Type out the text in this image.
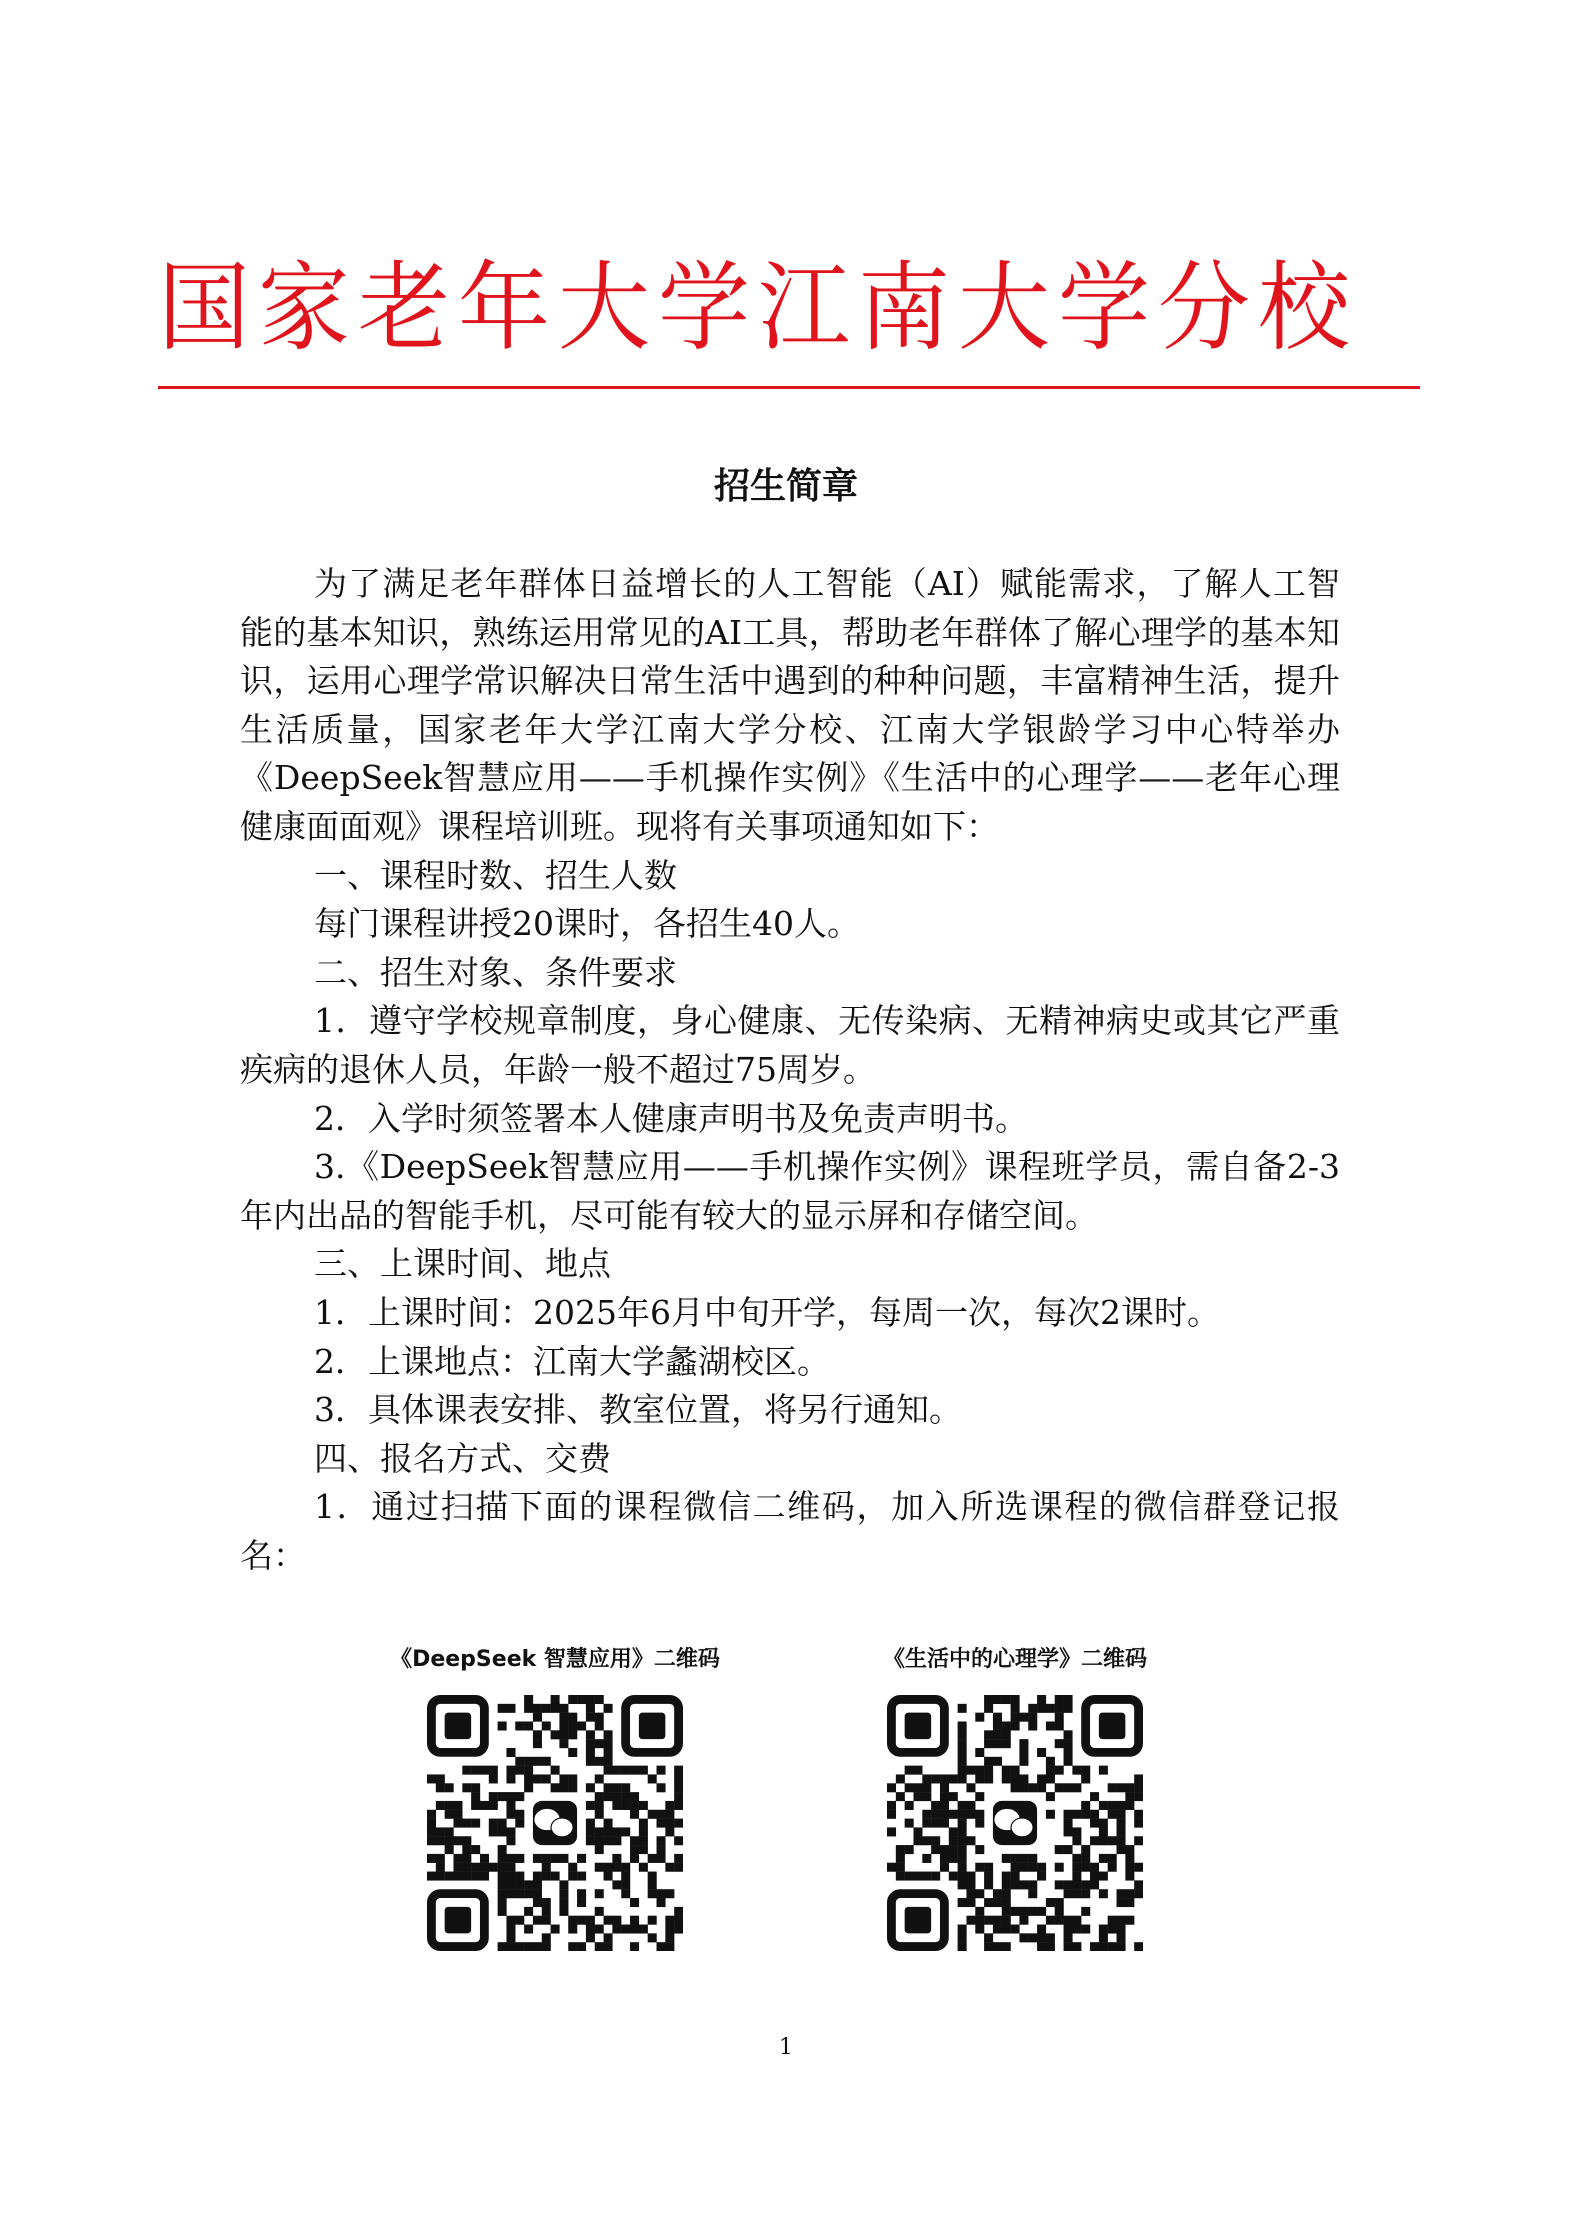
国家老年大学江南大学分校
招生简章

为了满足老年群体日益增长的人工智能（AI）赋能需求，了解人工智能的基本知识，熟练运用常见的AI工具，帮助老年群体了解心理学的基本知识，运用心理学常识解决日常生活中遇到的种种问题，丰富精神生活，提升生活质量，国家老年大学江南大学分校、江南大学银龄学习中心特举办《DeepSeek智慧应用——手机操作实例》《生活中的心理学——老年心理健康面面观》课程培训班。现将有关事项通知如下：

一、课程时数、招生人数

每门课程讲授20课时，各招生40人。

二、招生对象、条件要求

1．遵守学校规章制度，身心健康、无传染病、无精神病史或其它严重疾病的退休人员，年龄一般不超过75周岁。

2．入学时须签署本人健康声明书及免责声明书。

3.《DeepSeek智慧应用——手机操作实例》课程班学员，需自备2-3年内出品的智能手机，尽可能有较大的显示屏和存储空间。

三、上课时间、地点

1．上课时间：2025年6月中旬开学，每周一次，每次2课时。

2．上课地点：江南大学蠡湖校区。

3．具体课表安排、教室位置，将另行通知。

四、报名方式、交费

1．通过扫描下面的课程微信二维码，加入所选课程的微信群登记报名：

《DeepSeek 智慧应用》二维码	《生活中的心理学》二维码
1
